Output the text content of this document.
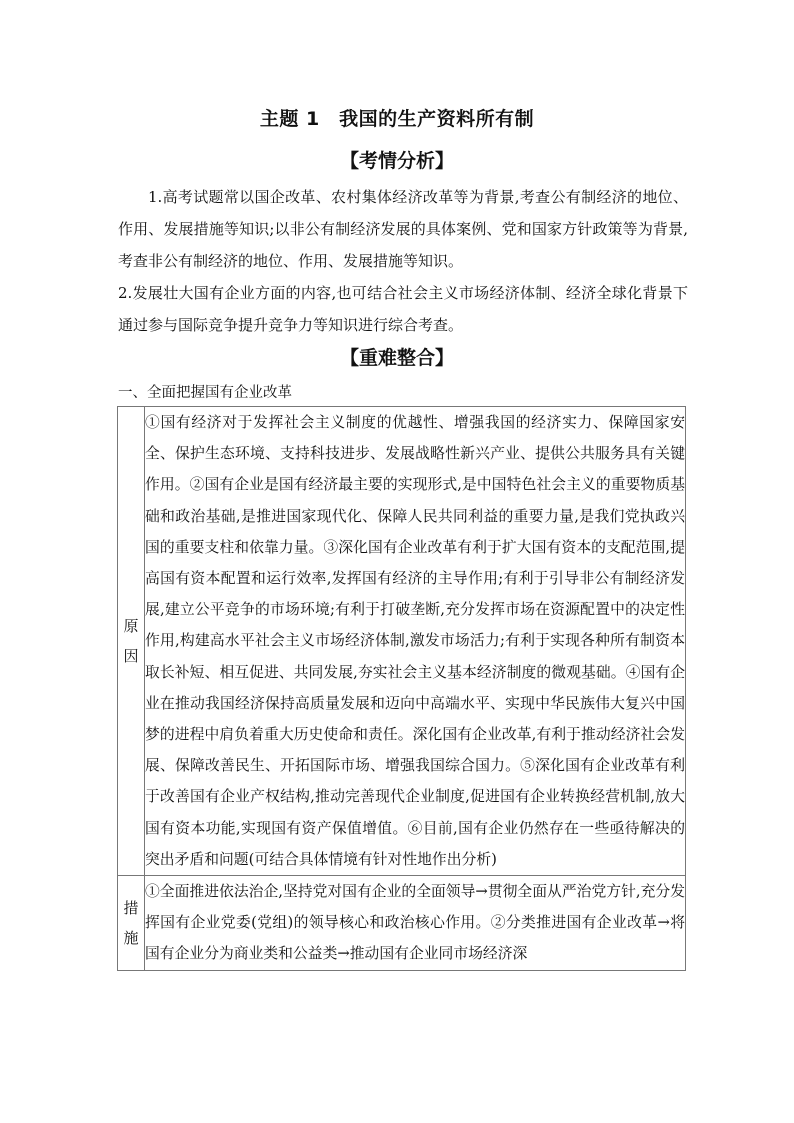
主题 1　我国的生产资料所有制
【考情分析】
1.高考试题常以国企改革、农村集体经济改革等为背景,考查公有制经济的地位、作用、发展措施等知识;以非公有制经济发展的具体案例、党和国家方针政策等为背景,考查非公有制经济的地位、作用、发展措施等知识。
2.发展壮大国有企业方面的内容,也可结合社会主义市场经济体制、经济全球化背景下通过参与国际竞争提升竞争力等知识进行综合考查。
【重难整合】
一、全面把握国有企业改革
原
因	①国有经济对于发挥社会主义制度的优越性、增强我国的经济实力、保障国家安全、保护生态环境、支持科技进步、发展战略性新兴产业、提供公共服务具有关键作用。②国有企业是国有经济最主要的实现形式,是中国特色社会主义的重要物质基础和政治基础,是推进国家现代化、保障人民共同利益的重要力量,是我们党执政兴国的重要支柱和依靠力量。③深化国有企业改革有利于扩大国有资本的支配范围,提高国有资本配置和运行效率,发挥国有经济的主导作用;有利于引导非公有制经济发展,建立公平竞争的市场环境;有利于打破垄断,充分发挥市场在资源配置中的决定性作用,构建高水平社会主义市场经济体制,激发市场活力;有利于实现各种所有制资本取长补短、相互促进、共同发展,夯实社会主义基本经济制度的微观基础。④国有企业在推动我国经济保持高质量发展和迈向中高端水平、实现中华民族伟大复兴中国梦的进程中肩负着重大历史使命和责任。深化国有企业改革,有利于推动经济社会发展、保障改善民生、开拓国际市场、增强我国综合国力。⑤深化国有企业改革有利于改善国有企业产权结构,推动完善现代企业制度,促进国有企业转换经营机制,放大国有资本功能,实现国有资产保值增值。⑥目前,国有企业仍然存在一些亟待解决的突出矛盾和问题(可结合具体情境有针对性地作出分析)

措
施	①全面推进依法治企,坚持党对国有企业的全面领导→贯彻全面从严治党方针,充分发挥国有企业党委(党组)的领导核心和政治核心作用。②分类推进国有企业改革→将国有企业分为商业类和公益类→推动国有企业同市场经济深
